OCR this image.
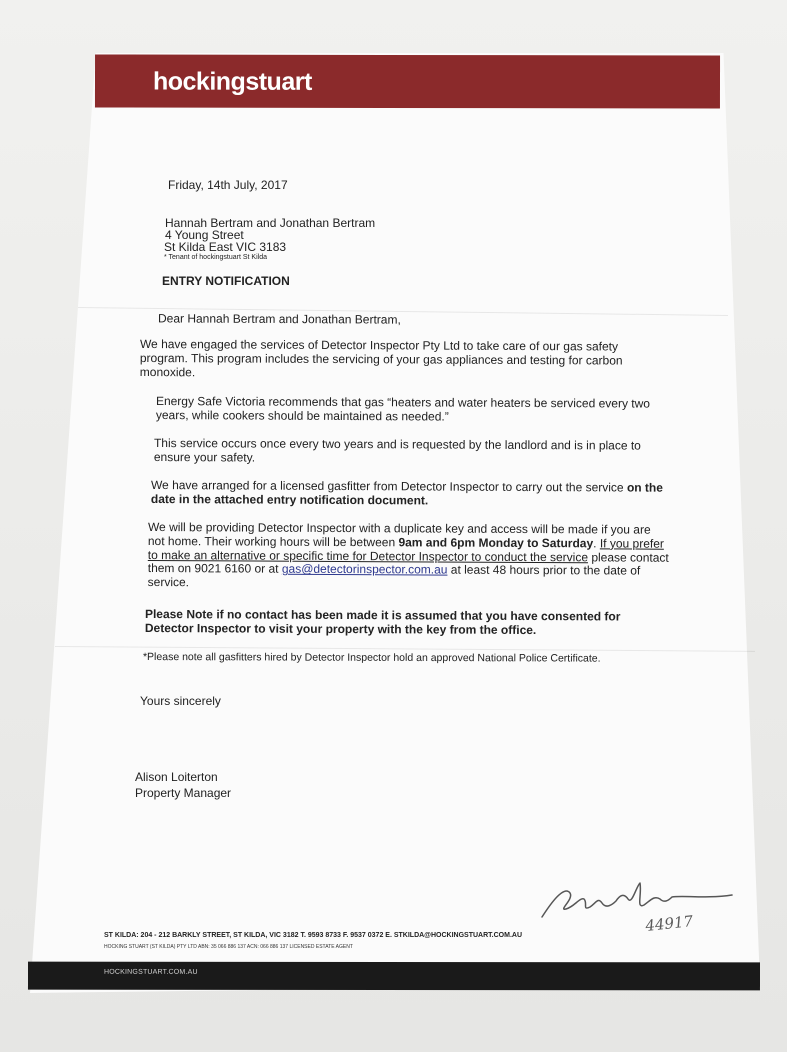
hockingstuart
Friday, 14th July, 2017
Hannah Bertram and Jonathan Bertram
4 Young Street
St Kilda East VIC 3183
* Tenant of hockingstuart St Kilda
ENTRY NOTIFICATION
Dear Hannah Bertram and Jonathan Bertram,
We have engaged the services of Detector Inspector Pty Ltd to take care of our gas safety program. This program includes the servicing of your gas appliances and testing for carbon monoxide.
Energy Safe Victoria recommends that gas “heaters and water heaters be serviced every two years, while cookers should be maintained as needed.”
This service occurs once every two years and is requested by the landlord and is in place to ensure your safety.
We have arranged for a licensed gasfitter from Detector Inspector to carry out the service on the date in the attached entry notification document.
We will be providing Detector Inspector with a duplicate key and access will be made if you are not home. Their working hours will be between 9am and 6pm Monday to Saturday. If you prefer to make an alternative or specific time for Detector Inspector to conduct the service please contact them on 9021 6160 or at gas@detectorinspector.com.au at least 48 hours prior to the date of service.
Please Note if no contact has been made it is assumed that you have consented for Detector Inspector to visit your property with the key from the office.
*Please note all gasfitters hired by Detector Inspector hold an approved National Police Certificate.
Yours sincerely
Alison Loiterton
Property Manager
44917
ST KILDA: 204 - 212 BARKLY STREET, ST KILDA, VIC 3182 T. 9593 8733 F. 9537 0372 E. STKILDA@HOCKINGSTUART.COM.AU
HOCKING STUART (ST KILDA) PTY LTD ABN: 35 066 886 137 ACN: 066 886 137 LICENSED ESTATE AGENT
HOCKINGSTUART.COM.AU
